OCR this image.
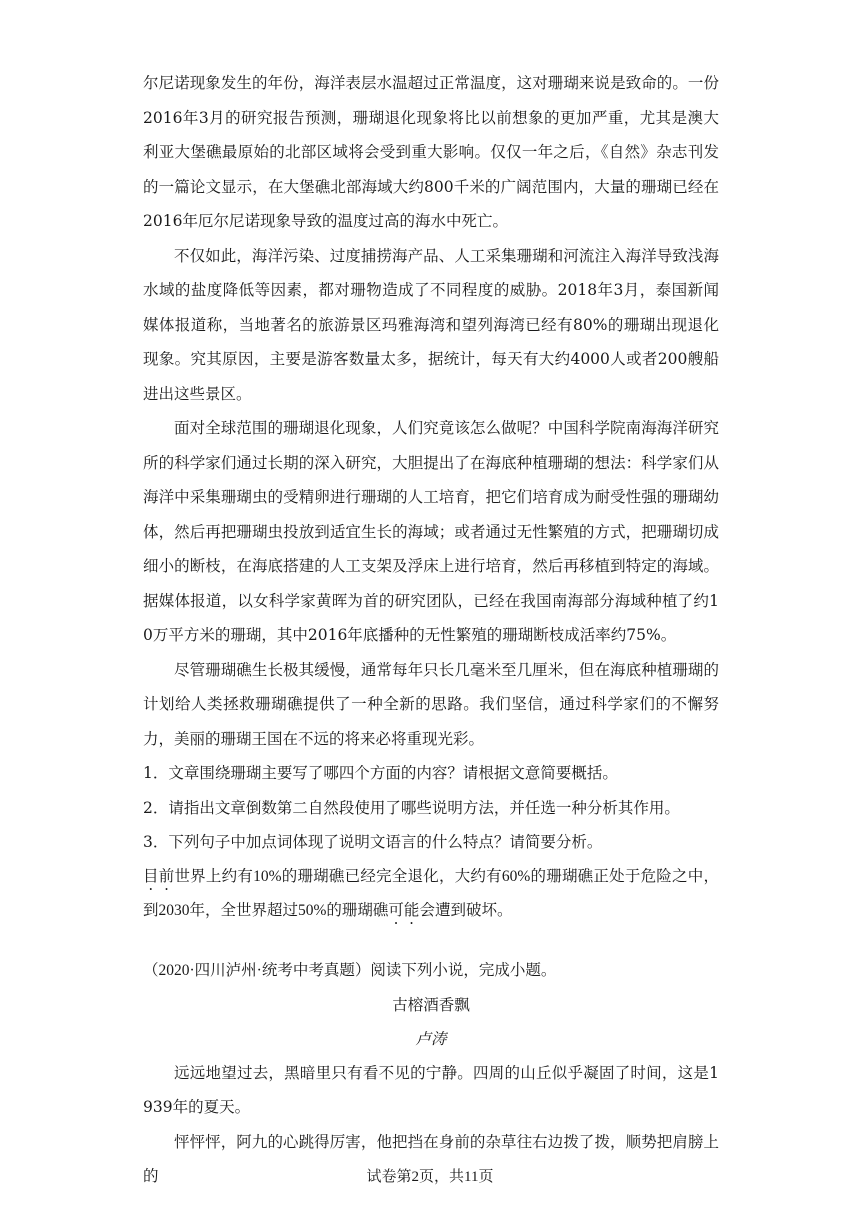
尔尼诺现象发生的年份，海洋表层水温超过正常温度，这对珊瑚来说是致命的。一份2016年3月的研究报告预测，珊瑚退化现象将比以前想象的更加严重，尤其是澳大利亚大堡礁最原始的北部区域将会受到重大影响。仅仅一年之后，《自然》杂志刊发的一篇论文显示，在大堡礁北部海域大约800千米的广阔范围内，大量的珊瑚已经在2016年厄尔尼诺现象导致的温度过高的海水中死亡。

不仅如此，海洋污染、过度捕捞海产品、人工采集珊瑚和河流注入海洋导致浅海水域的盐度降低等因素，都对珊物造成了不同程度的威胁。2018年3月，泰国新闻媒体报道称，当地著名的旅游景区玛雅海湾和望列海湾已经有80%的珊瑚出现退化现象。究其原因，主要是游客数量太多，据统计，每天有大约4000人或者200艘船进出这些景区。

面对全球范围的珊瑚退化现象，人们究竟该怎么做呢？中国科学院南海海洋研究所的科学家们通过长期的深入研究，大胆提出了在海底种植珊瑚的想法：科学家们从海洋中采集珊瑚虫的受精卵进行珊瑚的人工培育，把它们培育成为耐受性强的珊瑚幼体，然后再把珊瑚虫投放到适宜生长的海域；或者通过无性繁殖的方式，把珊瑚切成细小的断枝，在海底搭建的人工支架及浮床上进行培育，然后再移植到特定的海域。据媒体报道，以女科学家黄晖为首的研究团队，已经在我国南海部分海域种植了约10万平方米的珊瑚，其中2016年底播种的无性繁殖的珊瑚断枝成活率约75%。

尽管珊瑚礁生长极其缓慢，通常每年只长几毫米至几厘米，但在海底种植珊瑚的计划给人类拯救珊瑚礁提供了一种全新的思路。我们坚信，通过科学家们的不懈努力，美丽的珊瑚王国在不远的将来必将重现光彩。

1．文章围绕珊瑚主要写了哪四个方面的内容？请根据文意简要概括。

2．请指出文章倒数第二自然段使用了哪些说明方法，并任选一种分析其作用。

3．下列句子中加点词体现了说明文语言的什么特点？请简要分析。

目前世界上约有10%的珊瑚礁已经完全退化，大约有60%的珊瑚礁正处于危险之中，到2030年，全世界超过50%的珊瑚礁可能会遭到破坏。

（2020·四川泸州·统考中考真题）阅读下列小说，完成小题。

古榕酒香飘

卢涛

远远地望过去，黑暗里只有看不见的宁静。四周的山丘似乎凝固了时间，这是1939年的夏天。

怦怦怦，阿九的心跳得厉害，他把挡在身前的杂草往右边拨了拨，顺势把肩膀上的	试卷第2页，共11页
